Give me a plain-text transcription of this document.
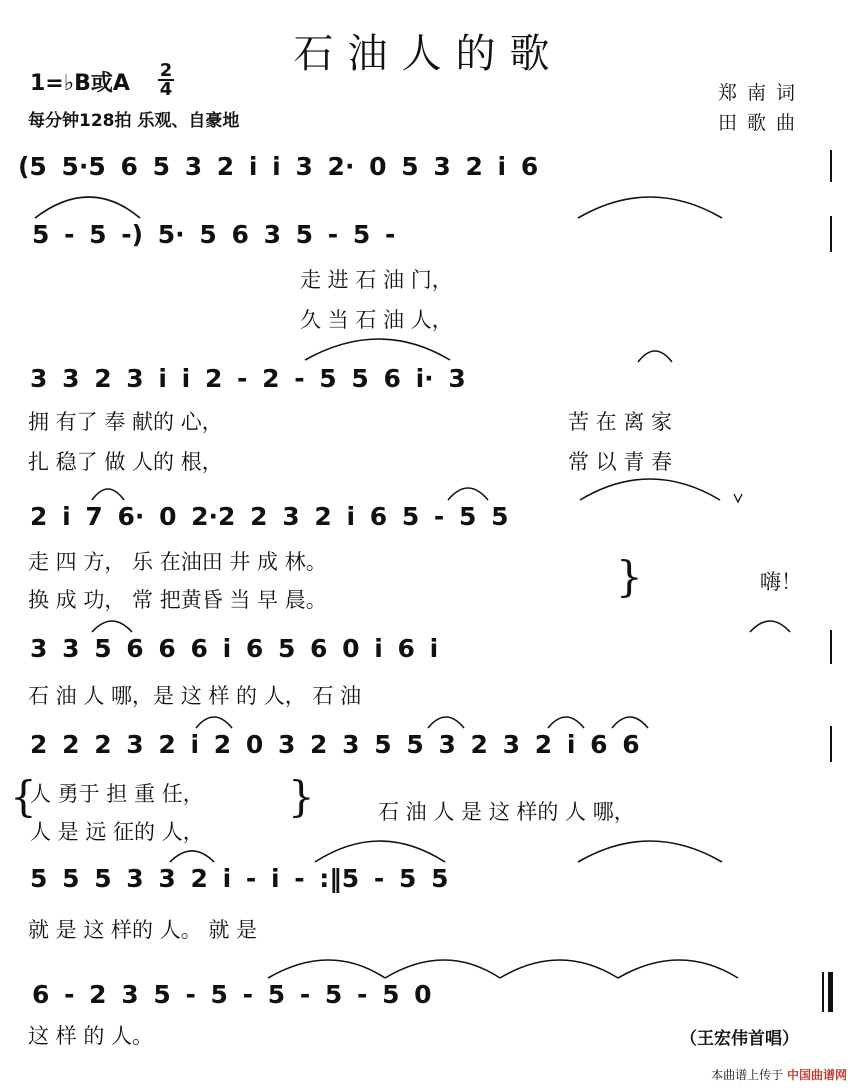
石油人的歌
1=♭B或A
2
4
每分钟128拍 乐观、自豪地
郑南词
田歌曲
(5 5·5 6 5 3 2 i i 3 2· 0 5 3 2 i 6
5 - 5 -) 5· 5 6 3 5 - 5 -
走 进 石 油 门，
久 当 石 油 人，
3 3 2 3 i i 2 - 2 - 5 5 6 i· 3
拥 有了 奉 献的 心，
扎 稳了 做 人的 根，
苦 在 离 家
常 以 青 春
2 i 7 6· 0 2·2 2 3 2 i 6 5 - 5 5
走 四 方， 乐 在油田 井 成 林。
换 成 功， 常 把黄昏 当 早 晨。	}	嗨！
3 3 5 6 6 6 i 6 5 6 0 i 6 i
石 油 人 哪，是 这 样 的 人， 石 油
2 2 2 3 2 i 2 0 3 2 3 5 5 3 2 3 2 i 6 6
{
人 勇于 担 重 任，
人 是 远 征的 人，
}	石 油 人 是 这 样的 人 哪，
5 5 5 3 3 2 i - i - :‖5 - 5 5
就 是 这 样的 人。 就 是
6 - 2 3 5 - 5 - 5 - 5 - 5 0
这 样 的 人。	（王宏伟首唱）
本曲谱上传于 中国曲谱网
